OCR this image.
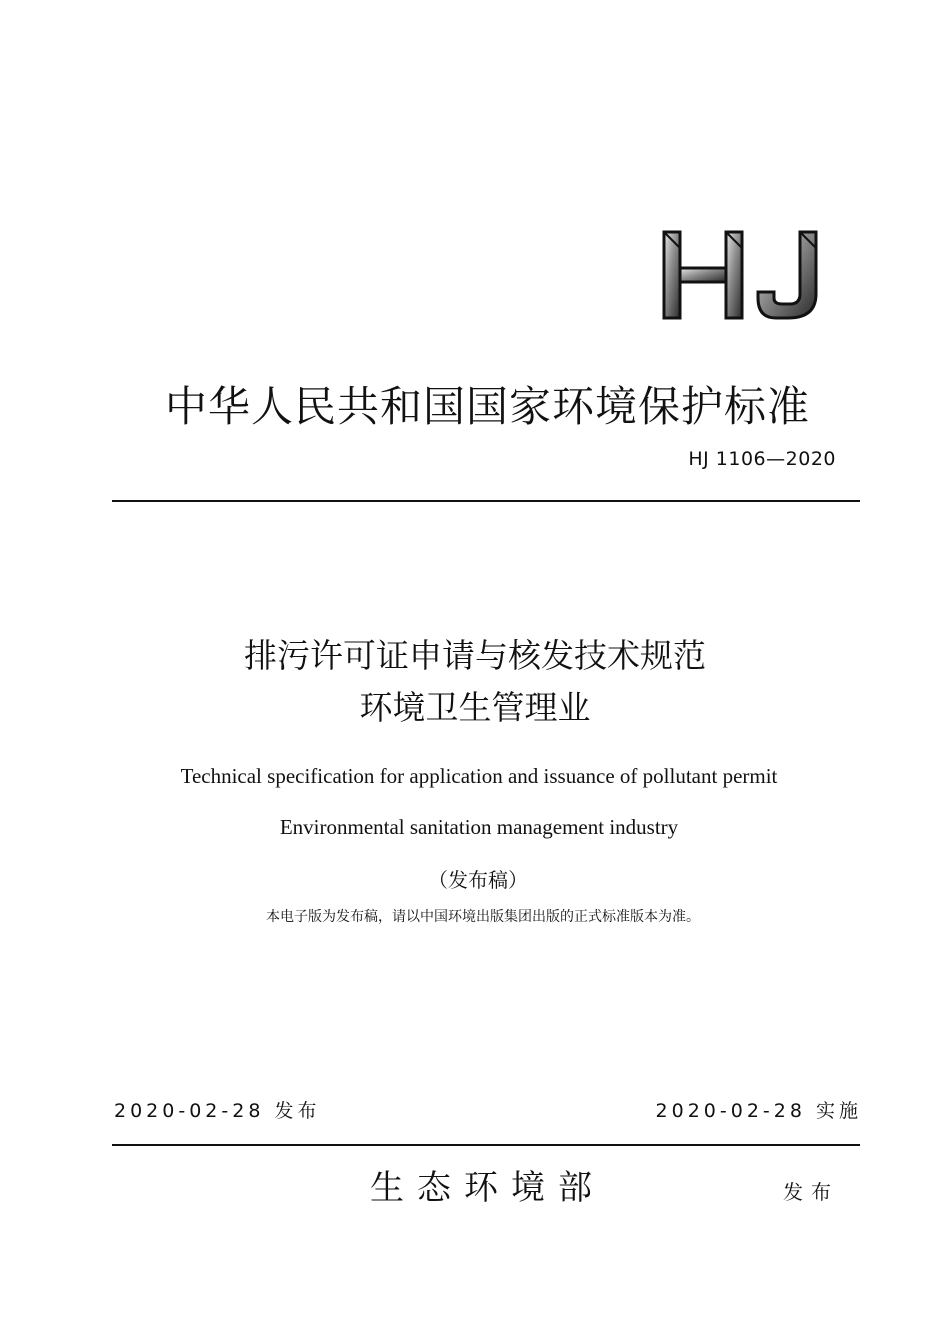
中华人民共和国国家环境保护标准
HJ 1106—2020
排污许可证申请与核发技术规范
环境卫生管理业
Technical specification for application and issuance of pollutant permit
Environmental sanitation management industry
（发布稿）
本电子版为发布稿，请以中国环境出版集团出版的正式标准版本为准。
2020-02-28 发布	2020-02-28 实施
生态环境部	发布
